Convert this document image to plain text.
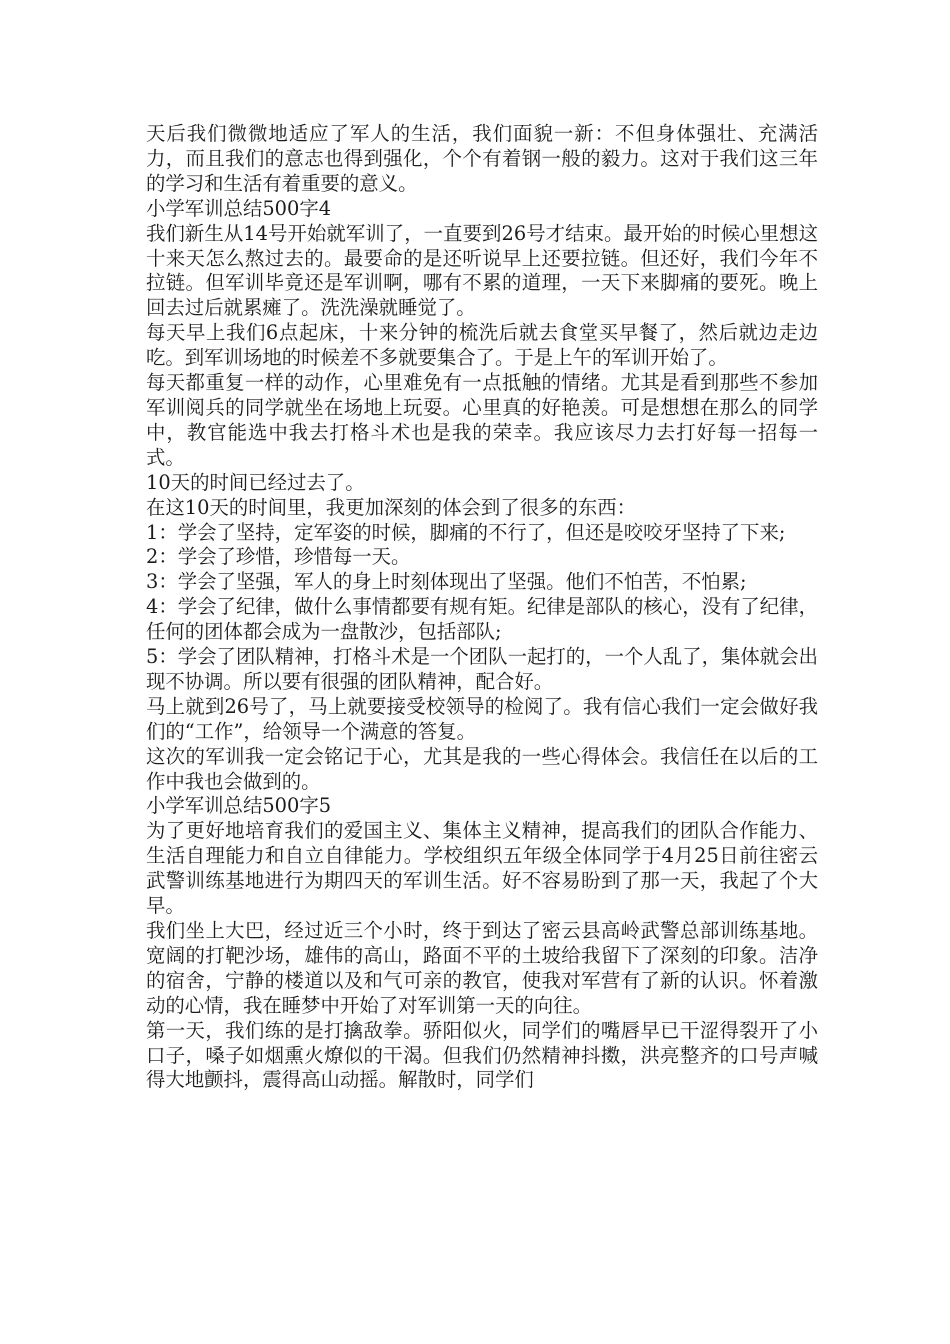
天后我们微微地适应了军人的生活，我们面貌一新：不但身体强壮、充满活力，而且我们的意志也得到强化，个个有着钢一般的毅力。这对于我们这三年的学习和生活有着重要的意义。

小学军训总结500字4

我们新生从14号开始就军训了，一直要到26号才结束。最开始的时候心里想这十来天怎么熬过去的。最要命的是还听说早上还要拉链。但还好，我们今年不拉链。但军训毕竟还是军训啊，哪有不累的道理，一天下来脚痛的要死。晚上回去过后就累瘫了。洗洗澡就睡觉了。

每天早上我们6点起床，十来分钟的梳洗后就去食堂买早餐了，然后就边走边吃。到军训场地的时候差不多就要集合了。于是上午的军训开始了。

每天都重复一样的动作，心里难免有一点抵触的情绪。尤其是看到那些不参加军训阅兵的同学就坐在场地上玩耍。心里真的好艳羡。可是想想在那么的同学中，教官能选中我去打格斗术也是我的荣幸。我应该尽力去打好每一招每一式。

10天的时间已经过去了。

在这10天的时间里，我更加深刻的体会到了很多的东西：

1：学会了坚持，定军姿的时候，脚痛的不行了，但还是咬咬牙坚持了下来;

2：学会了珍惜，珍惜每一天。

3：学会了坚强，军人的身上时刻体现出了坚强。他们不怕苦，不怕累;

4：学会了纪律，做什么事情都要有规有矩。纪律是部队的核心，没有了纪律，任何的团体都会成为一盘散沙，包括部队;

5：学会了团队精神，打格斗术是一个团队一起打的，一个人乱了，集体就会出现不协调。所以要有很强的团队精神，配合好。

马上就到26号了，马上就要接受校领导的检阅了。我有信心我们一定会做好我们的“工作”，给领导一个满意的答复。

这次的军训我一定会铭记于心，尤其是我的一些心得体会。我信任在以后的工作中我也会做到的。

小学军训总结500字5

为了更好地培育我们的爱国主义、集体主义精神，提高我们的团队合作能力、生活自理能力和自立自律能力。学校组织五年级全体同学于4月25日前往密云武警训练基地进行为期四天的军训生活。好不容易盼到了那一天，我起了个大早。

我们坐上大巴，经过近三个小时，终于到达了密云县高岭武警总部训练基地。宽阔的打靶沙场，雄伟的高山，路面不平的土坡给我留下了深刻的印象。洁净的宿舍，宁静的楼道以及和气可亲的教官，使我对军营有了新的认识。怀着激动的心情，我在睡梦中开始了对军训第一天的向往。

第一天，我们练的是打擒敌拳。骄阳似火，同学们的嘴唇早已干涩得裂开了小口子，嗓子如烟熏火燎似的干渴。但我们仍然精神抖擞，洪亮整齐的口号声喊得大地颤抖，震得高山动摇。解散时，同学们
